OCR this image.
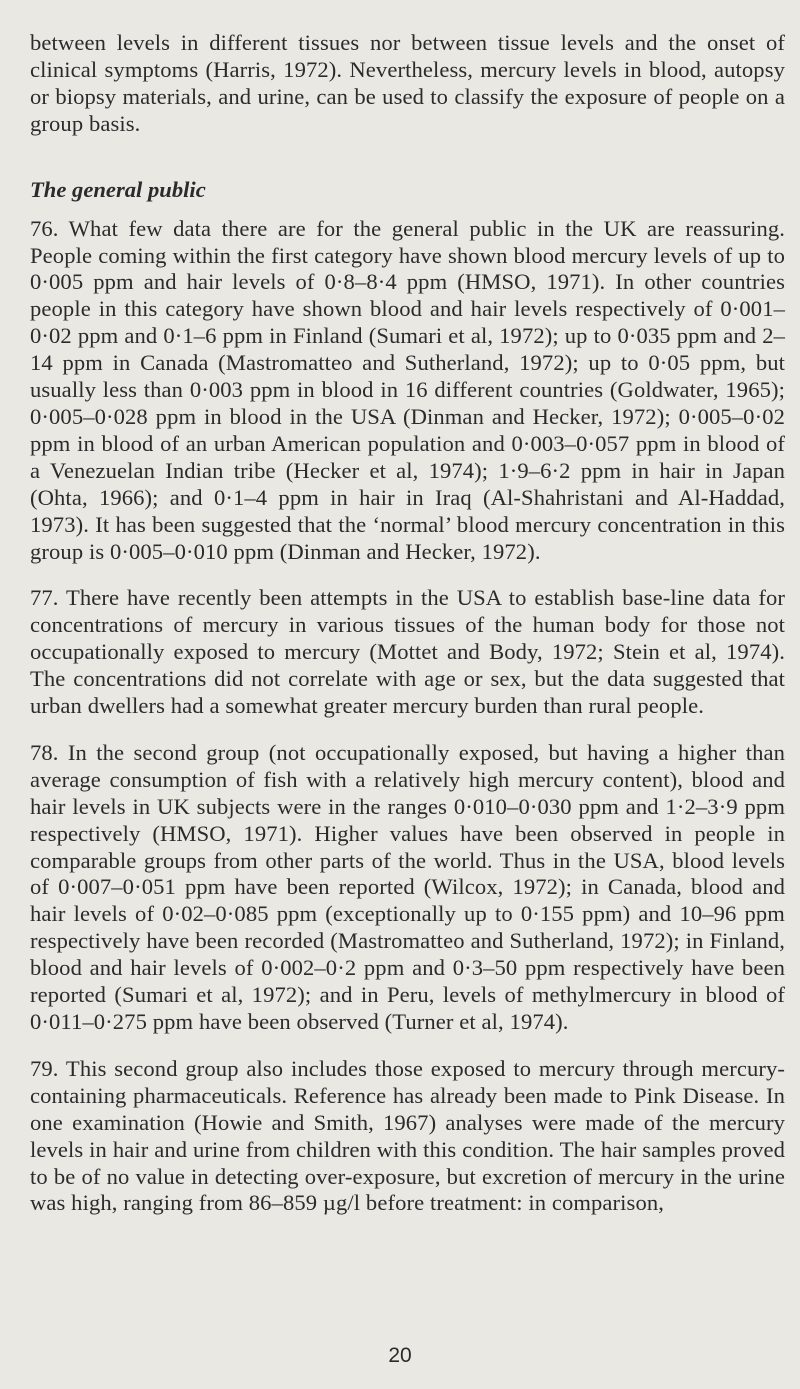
between levels in different tissues nor between tissue levels and the onset of clinical symptoms (Harris, 1972). Nevertheless, mercury levels in blood, autopsy or biopsy materials, and urine, can be used to classify the exposure of people on a group basis.

The general public

76. What few data there are for the general public in the UK are reassuring. People coming within the first category have shown blood mercury levels of up to 0·005 ppm and hair levels of 0·8–8·4 ppm (HMSO, 1971). In other countries people in this category have shown blood and hair levels respectively of 0·001–0·02 ppm and 0·1–6 ppm in Finland (Sumari et al, 1972); up to 0·035 ppm and 2–14 ppm in Canada (Mastromatteo and Sutherland, 1972); up to 0·05 ppm, but usually less than 0·003 ppm in blood in 16 different countries (Goldwater, 1965); 0·005–0·028 ppm in blood in the USA (Dinman and Hecker, 1972); 0·005–0·02 ppm in blood of an urban American population and 0·003–0·057 ppm in blood of a Venezuelan Indian tribe (Hecker et al, 1974); 1·9–6·2 ppm in hair in Japan (Ohta, 1966); and 0·1–4 ppm in hair in Iraq (Al-Shahristani and Al-Haddad, 1973). It has been suggested that the ‘normal’ blood mercury concentration in this group is 0·005–0·010 ppm (Dinman and Hecker, 1972).

77. There have recently been attempts in the USA to establish base-line data for concentrations of mercury in various tissues of the human body for those not occupationally exposed to mercury (Mottet and Body, 1972; Stein et al, 1974). The concentrations did not correlate with age or sex, but the data suggested that urban dwellers had a somewhat greater mercury burden than rural people.

78. In the second group (not occupationally exposed, but having a higher than average consumption of fish with a relatively high mercury content), blood and hair levels in UK subjects were in the ranges 0·010–0·030 ppm and 1·2–3·9 ppm respectively (HMSO, 1971). Higher values have been observed in people in comparable groups from other parts of the world. Thus in the USA, blood levels of 0·007–0·051 ppm have been reported (Wilcox, 1972); in Canada, blood and hair levels of 0·02–0·085 ppm (exceptionally up to 0·155 ppm) and 10–96 ppm respectively have been recorded (Mastromatteo and Sutherland, 1972); in Finland, blood and hair levels of 0·002–0·2 ppm and 0·3–50 ppm respectively have been reported (Sumari et al, 1972); and in Peru, levels of methylmercury in blood of 0·011–0·275 ppm have been observed (Turner et al, 1974).

79. This second group also includes those exposed to mercury through mercury-containing pharmaceuticals. Reference has already been made to Pink Disease. In one examination (Howie and Smith, 1967) analyses were made of the mercury levels in hair and urine from children with this condition. The hair samples proved to be of no value in detecting over-exposure, but excretion of mercury in the urine was high, ranging from 86–859 µg/l before treatment: in comparison,

20
